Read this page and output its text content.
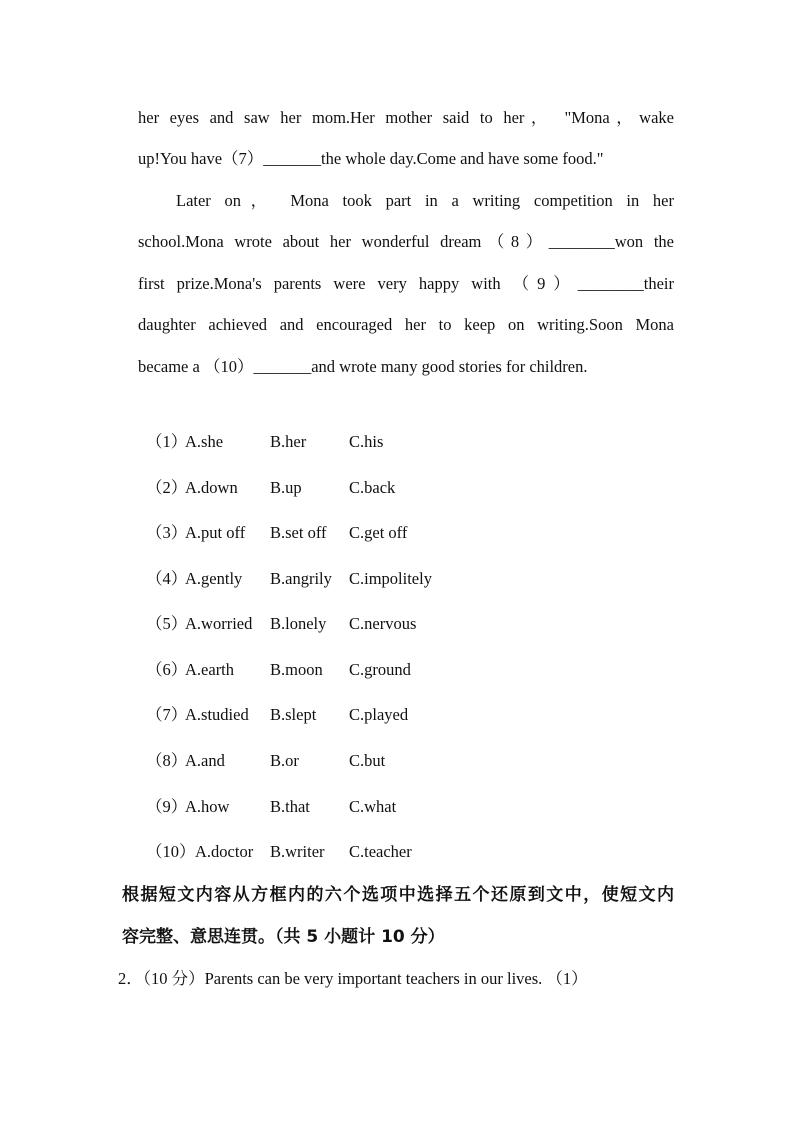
her eyes and saw her mom.Her mother said to her， "Mona，wake
up!You have（7）_______the whole day.Come and have some food."
Later on， Mona took part in a writing competition in her
school.Mona wrote about her wonderful dream（8）________won the
first prize.Mona's parents were very happy with （9）________their
daughter achieved and encouraged her to keep on writing.Soon Mona
became a （10）_______and wrote many good stories for children.
（1）
A.she	B.her	C.his
（2）
A.down B.up	C.back
（3）
A.put off B.set off C.get off
（4）
A.gently B.angrily C.impolitely
（5）
A.worried B.lonely C.nervous
（6）
A.earth B.moon C.ground
（7）
A.studied B.slept C.played
（8）
A.and	B.or	C.but
（9）
A.how B.that C.what
（10） A.doctor B.writer C.teacher
根据短文内容从方框内的六个选项中选择五个还原到文中，使短文内
容完整、意思连贯。（共 5 小题计 10 分）
2．（10 分）Parents can be very important teachers in our lives. （1）
